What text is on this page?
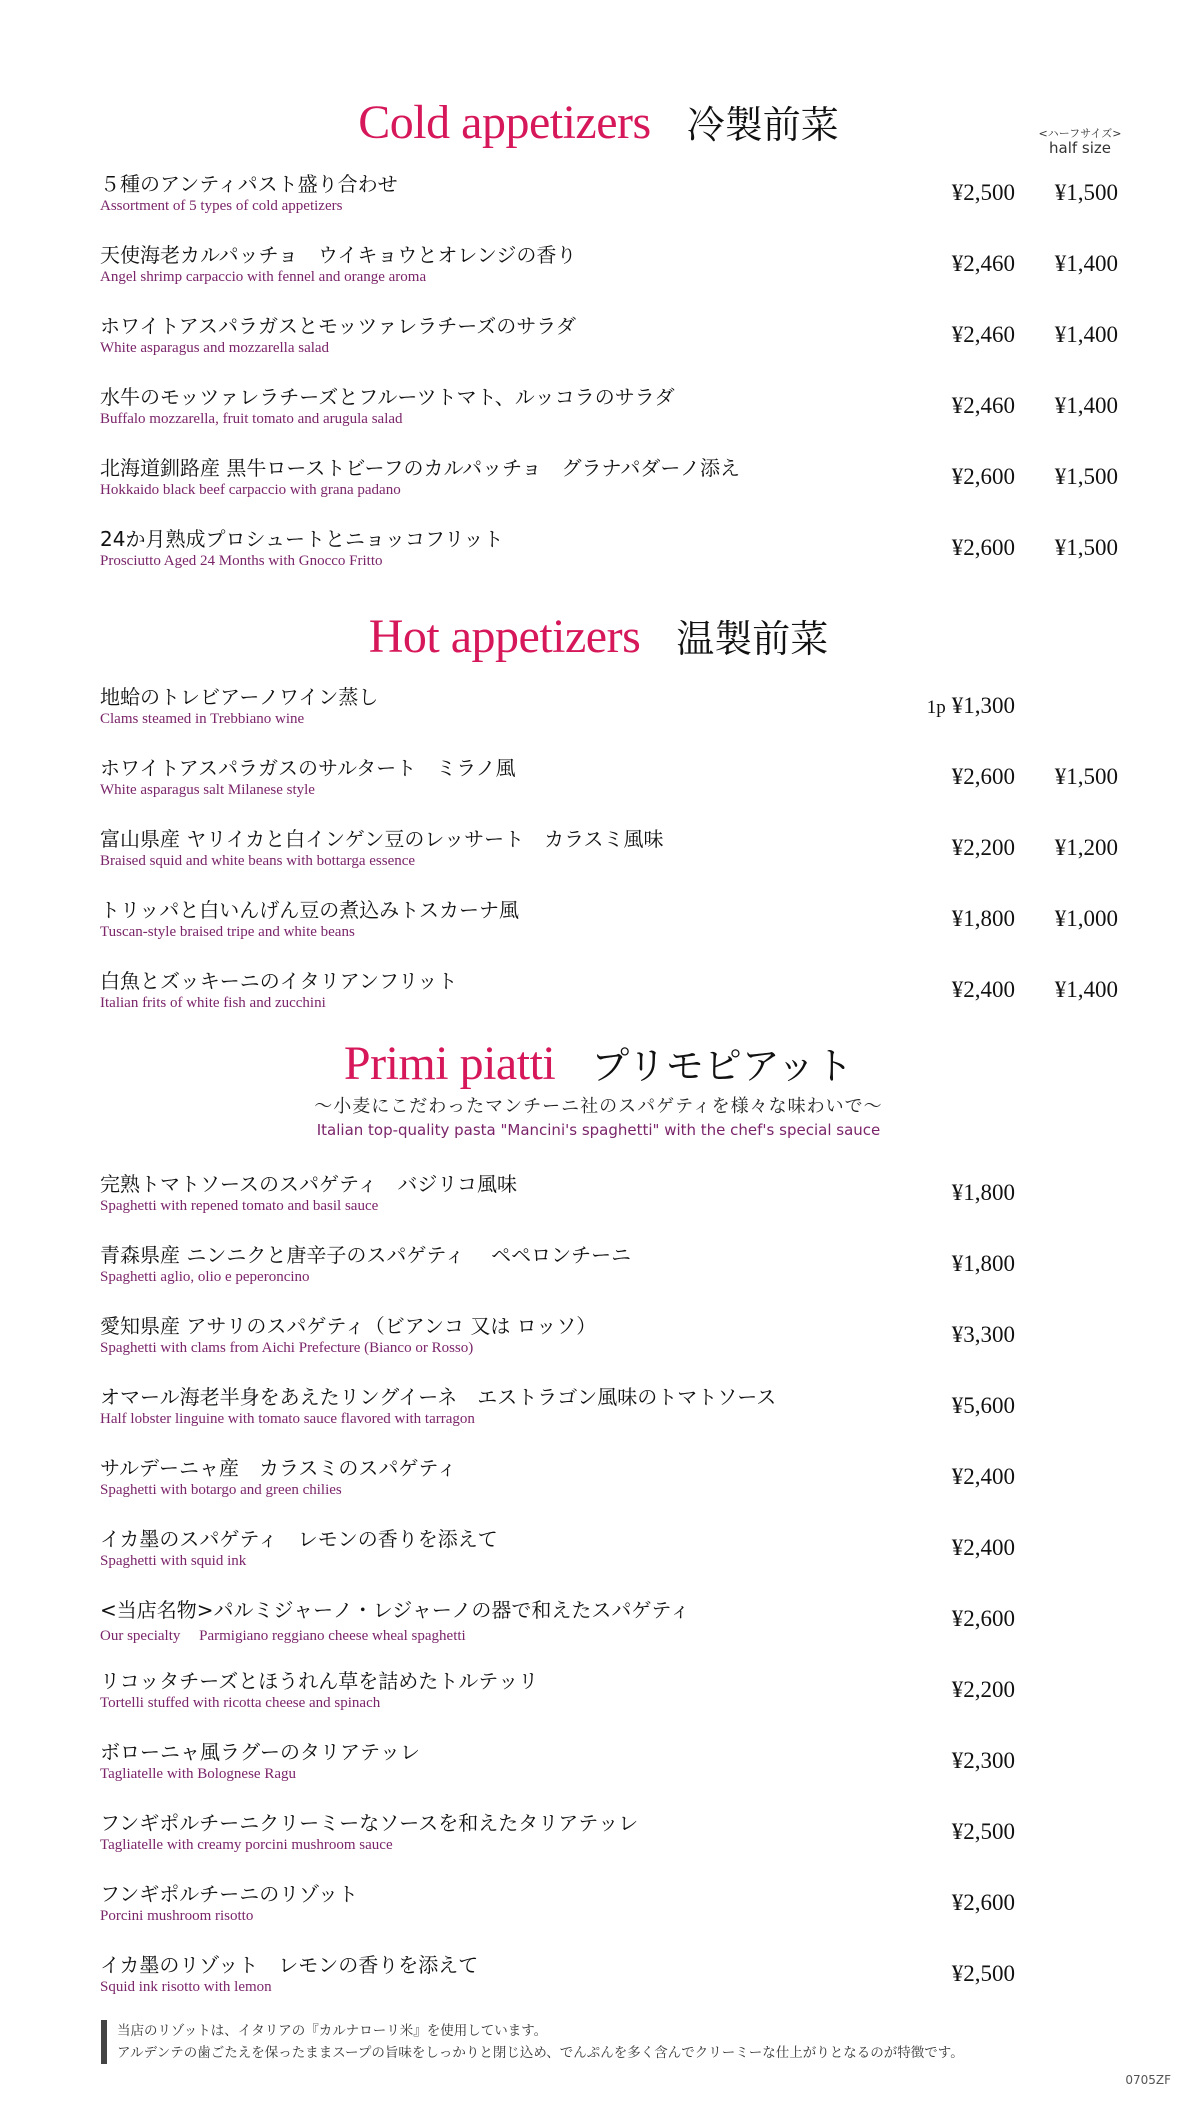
Cold appetizers 冷製前菜	<ハーフサイズ>
half size
５種のアンティパスト盛り合わせ
Assortment of 5 types of cold appetizers
¥2,500 ¥1,500
天使海老カルパッチョ　ウイキョウとオレンジの香り
Angel shrimp carpaccio with fennel and orange aroma
¥2,460 ¥1,400
ホワイトアスパラガスとモッツァレラチーズのサラダ
White asparagus and mozzarella salad
¥2,460 ¥1,400
水牛のモッツァレラチーズとフルーツトマト、ルッコラのサラダ
Buffalo mozzarella, fruit tomato and arugula salad
¥2,460 ¥1,400
北海道釧路産 黒牛ローストビーフのカルパッチョ　グラナパダーノ添え
Hokkaido black beef carpaccio with grana padano
¥2,600 ¥1,500
24か月熟成プロシュートとニョッコフリット
Prosciutto Aged 24 Months with Gnocco Fritto
¥2,600 ¥1,500
Hot appetizers 温製前菜
地蛤のトレビアーノワイン蒸し
Clams steamed in Trebbiano wine
1p ¥1,300
ホワイトアスパラガスのサルタート　ミラノ風
White asparagus salt Milanese style
¥2,600 ¥1,500
富山県産 ヤリイカと白インゲン豆のレッサート　カラスミ風味
Braised squid and white beans with bottarga essence
¥2,200 ¥1,200
トリッパと白いんげん豆の煮込みトスカーナ風
Tuscan-style braised tripe and white beans
¥1,800 ¥1,000
白魚とズッキーニのイタリアンフリット
Italian frits of white fish and zucchini
¥2,400 ¥1,400
Primi piatti プリモピアット
～小麦にこだわったマンチーニ社のスパゲティを様々な味わいで～
Italian top-quality pasta "Mancini's spaghetti" with the chef's special sauce
完熟トマトソースのスパゲティ　バジリコ風味
Spaghetti with repened tomato and basil sauce
¥1,800
青森県産 ニンニクと唐辛子のスパゲティ　 ペペロンチーニ
Spaghetti aglio, olio e peperoncino
¥1,800
愛知県産 アサリのスパゲティ（ビアンコ 又は ロッソ）
Spaghetti with clams from Aichi Prefecture (Bianco or Rosso)
¥3,300
オマール海老半身をあえたリングイーネ　エストラゴン風味のトマトソース
Half lobster linguine with tomato sauce flavored with tarragon
¥5,600
サルデーニャ産　カラスミのスパゲティ
Spaghetti with botargo and green chilies
¥2,400
イカ墨のスパゲティ　レモンの香りを添えて
Spaghetti with squid ink
¥2,400
<当店名物>パルミジャーノ・レジャーノの器で和えたスパゲティ
Our specialty　 Parmigiano reggiano cheese wheal spaghetti
¥2,600
リコッタチーズとほうれん草を詰めたトルテッリ
Tortelli stuffed with ricotta cheese and spinach
¥2,200
ボローニャ風ラグーのタリアテッレ
Tagliatelle with Bolognese Ragu
¥2,300
フンギポルチーニクリーミーなソースを和えたタリアテッレ
Tagliatelle with creamy porcini mushroom sauce
¥2,500
フンギポルチーニのリゾット
Porcini mushroom risotto
¥2,600
イカ墨のリゾット　レモンの香りを添えて
Squid ink risotto with lemon
¥2,500
当店のリゾットは、イタリアの『カルナローリ米』を使用しています。
アルデンテの歯ごたえを保ったままスープの旨味をしっかりと閉じ込め、でんぷんを多く含んでクリーミーな仕上がりとなるのが特徴です。
0705ZF
